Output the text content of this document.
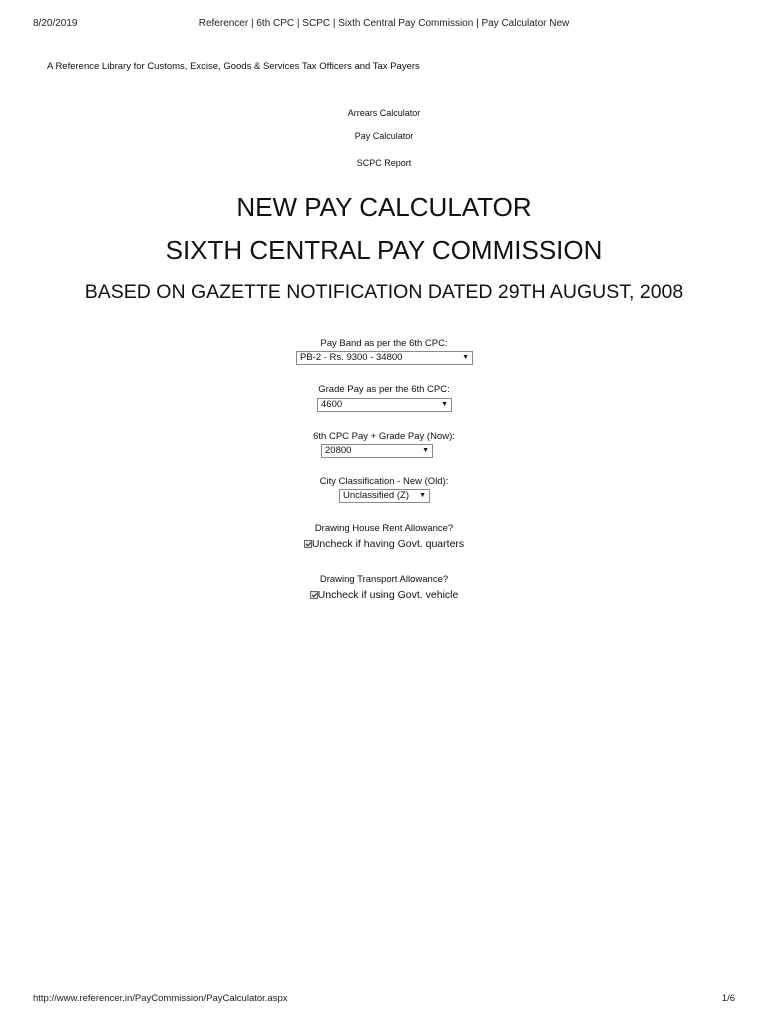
8/20/2019	Referencer | 6th CPC | SCPC | Sixth Central Pay Commission | Pay Calculator New
A Reference Library for Customs, Excise, Goods & Services Tax Officers and Tax Payers
Arrears Calculator
Pay Calculator
SCPC Report
NEW PAY CALCULATOR
SIXTH CENTRAL PAY COMMISSION
BASED ON GAZETTE NOTIFICATION DATED 29TH AUGUST, 2008
Pay Band as per the 6th CPC:
PB-2 - Rs. 9300 - 34800	▼
Grade Pay as per the 6th CPC:
4600	▼
6th CPC Pay + Grade Pay (Now):
20800	▼
City Classification - New (Old):
Unclassified (Z) ▼
Drawing House Rent Allowance?
Uncheck if having Govt. quarters
Drawing Transport Allowance?
Uncheck if using Govt. vehicle
http://www.referencer.in/PayCommission/PayCalculator.aspx	1/6
